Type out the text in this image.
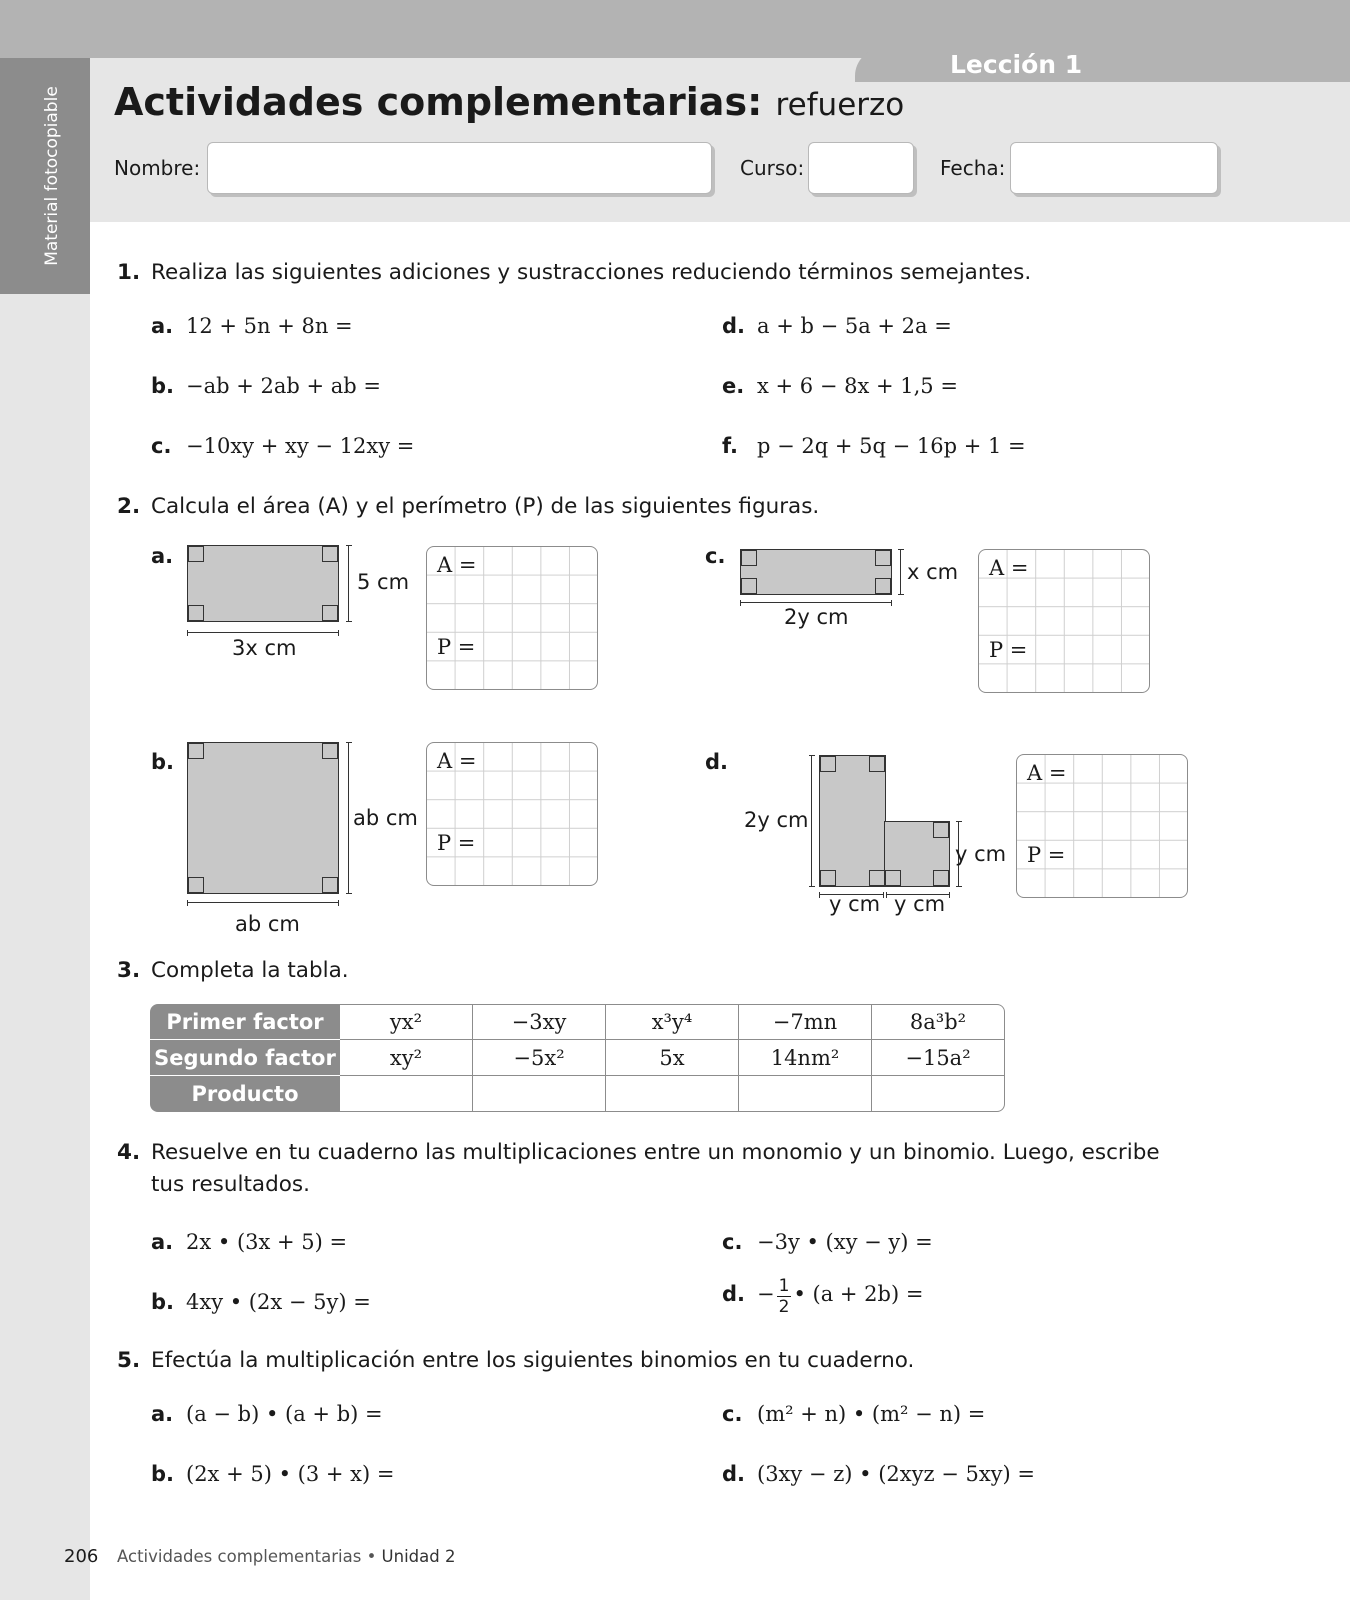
Lección 1
Material fotocopiable Actividades complementarias: refuerzo
Nombre:	Curso:	Fecha:
1. Realiza las siguientes adiciones y sustracciones reduciendo términos semejantes.
a. 12 + 5n + 8n =
b. −ab + 2ab + ab =
c. −10xy + xy − 12xy =
d. a + b − 5a + 2a =
e. x + 6 − 8x + 1,5 =
f. p − 2q + 5q − 16p + 1 =
2. Calcula el área (A) y el perímetro (P) de las siguientes figuras.
a.
5 cm
3x cm
A =
P =
b.
ab cm
ab cm
A =
P =
c.
x cm
2y cm
A =
P =
d.
2y cm
y cm
y cm y cm
A =
P =
3. Completa la tabla.
Primer factor	yx²	−3xy	x³y⁴	−7mn	8a³b²
Segundo factor	xy²	−5x²	5x	14nm²	−15a²
Producto					
4. Resuelve en tu cuaderno las multiplicaciones entre un monomio y un binomio. Luego, escribe
tus resultados.
a. 2x • (3x + 5) =
b. 4xy • (2x − 5y) =
c. −3y • (xy − y) =
d. − $\frac{1}{2}$ • (a + 2b) =
5. Efectúa la multiplicación entre los siguientes binomios en tu cuaderno.
a. (a − b) • (a + b) =
b. (2x + 5) • (3 + x) =
c. (m² + n) • (m² − n) =
d. (3xy − z) • (2xyz − 5xy) =
206 Actividades complementarias • Unidad 2
